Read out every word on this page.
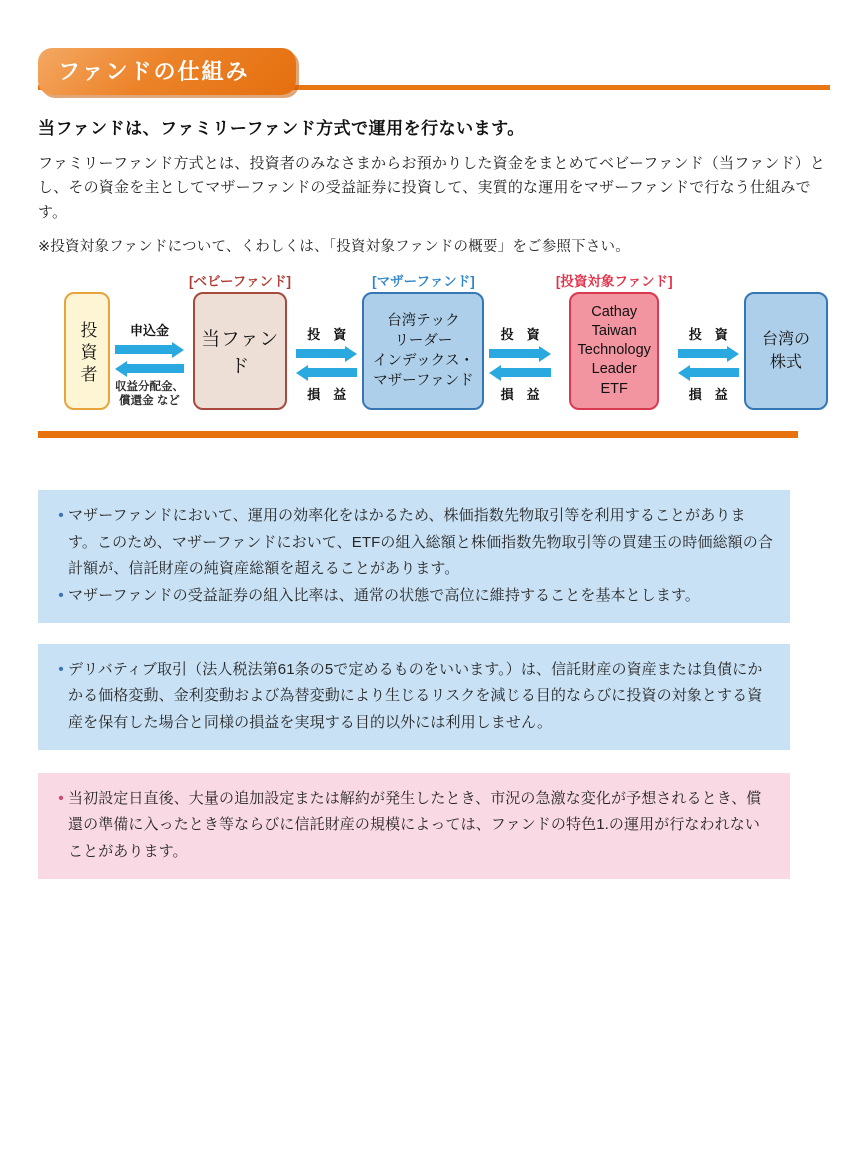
ファンドの仕組み
当ファンドは、ファミリーファンド方式で運用を行ないます。
ファミリーファンド方式とは、投資者のみなさまからお預かりした資金をまとめてベビーファンド（当ファンド）とし、その資金を主としてマザーファンドの受益証券に投資して、実質的な運用をマザーファンドで行なう仕組みです。
※投資対象ファンドについて、くわしくは、「投資対象ファンドの概要」をご参照下さい。
投資者	申込金
収益分配金、
償還金 など
[ベビーファンド]
当ファンド
投　資
損　益
[マザーファンド]
台湾テック
リーダー
インデックス・
マザーファンド
投　資
損　益
[投資対象ファンド]
Cathay
Taiwan
Technology
Leader
ETF
投　資
損　益
台湾の
株式
• マザーファンドにおいて、運用の効率化をはかるため、株価指数先物取引等を利用することがあります。このため、マザーファンドにおいて、ETFの組入総額と株価指数先物取引等の買建玉の時価総額の合計額が、信託財産の純資産総額を超えることがあります。
• マザーファンドの受益証券の組入比率は、通常の状態で高位に維持することを基本とします。
• デリバティブ取引（法人税法第61条の5で定めるものをいいます。）は、信託財産の資産または負債にかかる価格変動、金利変動および為替変動により生じるリスクを減じる目的ならびに投資の対象とする資産を保有した場合と同様の損益を実現する目的以外には利用しません。
• 当初設定日直後、大量の追加設定または解約が発生したとき、市況の急激な変化が予想されるとき、償還の準備に入ったとき等ならびに信託財産の規模によっては、ファンドの特色1.の運用が行なわれないことがあります。
